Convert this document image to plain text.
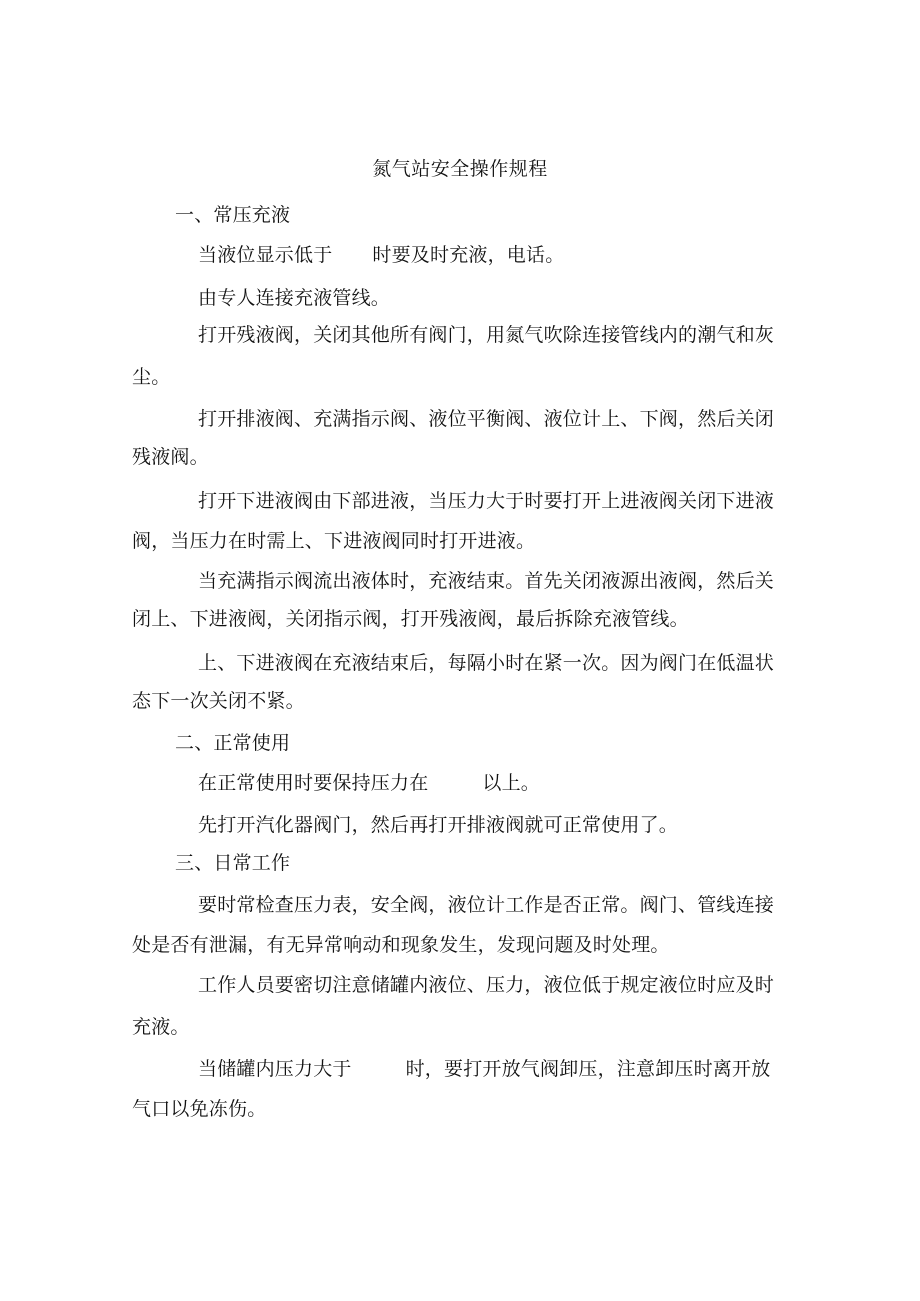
氮气站安全操作规程
一、常压充液
当液位显示低于 时要及时充液，电话。
由专人连接充液管线。
打开残液阀，关闭其他所有阀门，用氮气吹除连接管线内的潮气和灰
尘。
打开排液阀、充满指示阀、液位平衡阀、液位计上、下阀，然后关闭
残液阀。
打开下进液阀由下部进液，当压力大于时要打开上进液阀关闭下进液
阀，当压力在时需上、下进液阀同时打开进液。
当充满指示阀流出液体时，充液结束。首先关闭液源出液阀，然后关
闭上、下进液阀，关闭指示阀，打开残液阀，最后拆除充液管线。
上、下进液阀在充液结束后，每隔小时在紧一次。因为阀门在低温状
态下一次关闭不紧。
二、正常使用
在正常使用时要保持压力在	以上。
先打开汽化器阀门，然后再打开排液阀就可正常使用了。
三、日常工作
要时常检查压力表，安全阀，液位计工作是否正常。阀门、管线连接
处是否有泄漏，有无异常响动和现象发生，发现问题及时处理。
工作人员要密切注意储罐内液位、压力，液位低于规定液位时应及时
充液。
当储罐内压力大于	时，要打开放气阀卸压，注意卸压时离开放
气口以免冻伤。
